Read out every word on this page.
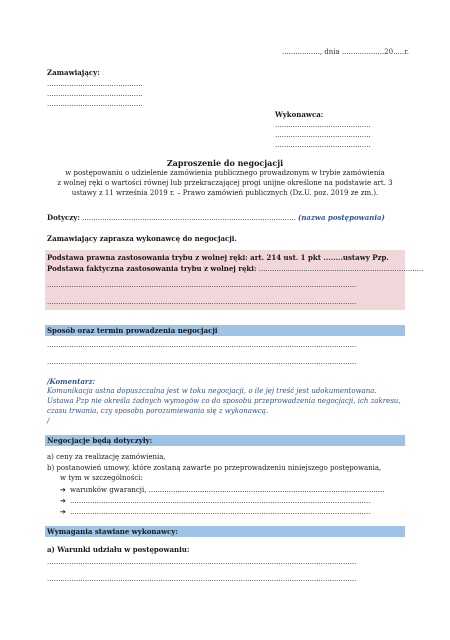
................., dnia ...................20.....r.
Zamawiający:
...........................................
...........................................
...........................................
Wykonawca:
...........................................
...........................................
...........................................
Zaproszenie do negocjacji
w postępowaniu o udzielenie zamówienia publicznego prowadzonym w trybie zamówienia
z wolnej ręki o wartości równej lub przekraczającej progi unijne określone na podstawie art. 3
ustawy z 11 września 2019 r. – Prawo zamówień publicznych (Dz.U. poz. 2019 ze zm.).
Dotyczy: ................................................................................................ (nazwa postępowania)
Zamawiający zaprasza wykonawcę do negocjacji.
Podstawa prawna zastosowania trybu z wolnej ręki: art. 214 ust. 1 pkt ........ustawy Pzp.
Podstawa faktyczna zastosowania trybu z wolnej ręki: ..........................................................................
...........................................................................................................................................
...........................................................................................................................................
Sposób oraz termin prowadzenia negocjacji
...........................................................................................................................................
...........................................................................................................................................
/Komentarz:
Komunikacja ustna dopuszczalna jest w toku negocjacji, o ile jej treść jest udokumentowana.
Ustawa Pzp nie określa żadnych wymogów co do sposobu przeprowadzenia negocjacji, ich zakresu,
czasu trwania, czy sposobu porozumiewania się z wykonawcą.
/
Negocjacje będą dotyczyły:
a) ceny za realizację zamówienia,
b) postanowień umowy, które zostaną zawarte po przeprowadzeniu niniejszego postępowania,
w tym w szczególności:
➔ warunków gwarancji, ..........................................................................................................
➔ .......................................................................................................................................
➔ .......................................................................................................................................
Wymagania stawiane wykonawcy:
a) Warunki udziału w postępowaniu:
...........................................................................................................................................
...........................................................................................................................................
